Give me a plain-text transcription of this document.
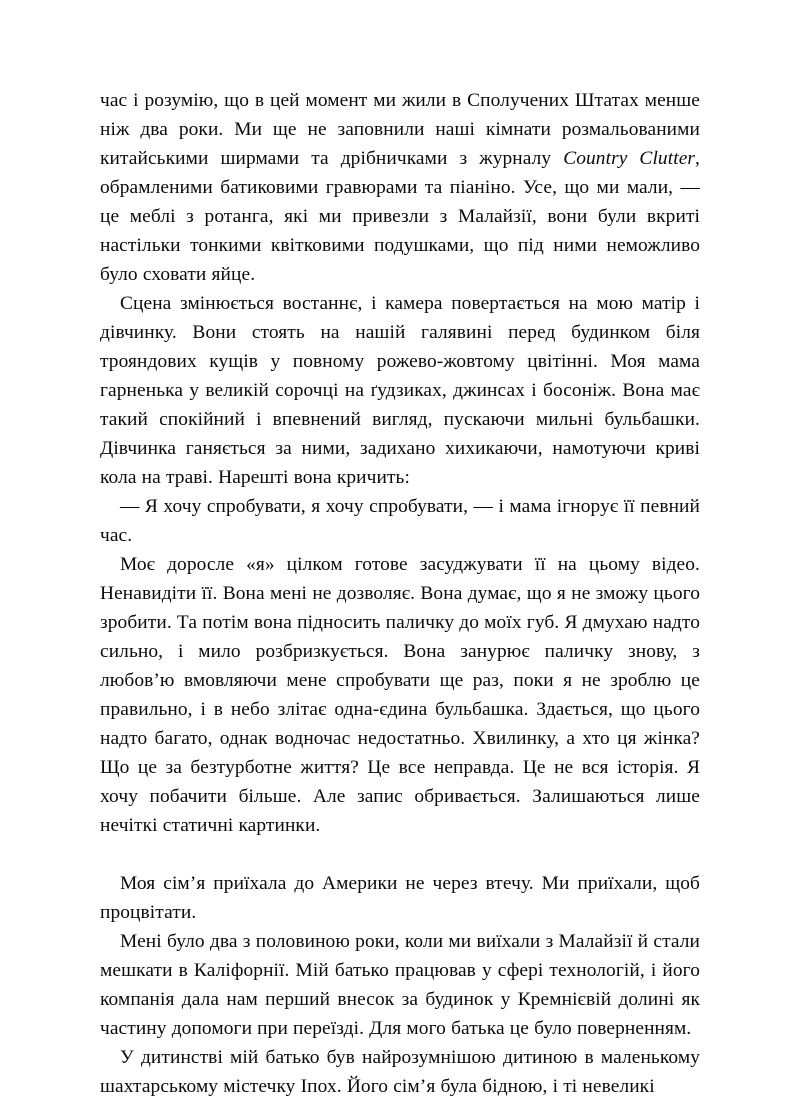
час і розумію, що в цей момент ми жили в Сполучених Штатах менше ніж два роки. Ми ще не заповнили наші кімнати розмальованими китайськими ширмами та дрібничками з журналу Country Clutter, обрамленими батиковими гравюрами та піаніно. Усе, що ми мали, — це меблі з ротанга, які ми привезли з Малайзії, вони були вкриті настільки тонкими квітковими подушками, що під ними неможливо було сховати яйце.

Сцена змінюється востаннє, і камера повертається на мою матір і дівчинку. Вони стоять на нашій галявині перед будинком біля трояндових кущів у повному рожево-жовтому цвітінні. Моя мама гарненька у великій сорочці на ґудзиках, джинсах і босоніж. Вона має такий спокійний і впевнений вигляд, пускаючи мильні бульбашки. Дівчинка ганяється за ними, задихано хихикаючи, намотуючи криві кола на траві. Нарешті вона кричить:

— Я хочу спробувати, я хочу спробувати, — і мама ігнорує її певний час.

Моє доросле «я» цілком готове засуджувати її на цьому відео. Ненавидіти її. Вона мені не дозволяє. Вона думає, що я не зможу цього зробити. Та потім вона підносить паличку до моїх губ. Я дмухаю надто сильно, і мило розбризкується. Вона занурює паличку знову, з любов’ю вмовляючи мене спробувати ще раз, поки я не зроблю це правильно, і в небо злітає одна-єдина бульбашка. Здається, що цього надто багато, однак водночас недостатньо. Хвилинку, а хто ця жінка? Що це за безтурботне життя? Це все неправда. Це не вся історія. Я хочу побачити більше. Але запис обривається. Залишаються лише нечіткі статичні картинки.

Моя сім’я приїхала до Америки не через втечу. Ми приїхали, щоб процвітати.

Мені було два з половиною роки, коли ми виїхали з Малайзії й стали мешкати в Каліфорнії. Мій батько працював у сфері технологій, і його компанія дала нам перший внесок за будинок у Кремнієвій долині як частину допомоги при переїзді. Для мого батька це було поверненням.

У дитинстві мій батько був найрозумнішою дитиною в маленькому шахтарському містечку Іпох. Його сім’я була бідною, і ті невеликі
